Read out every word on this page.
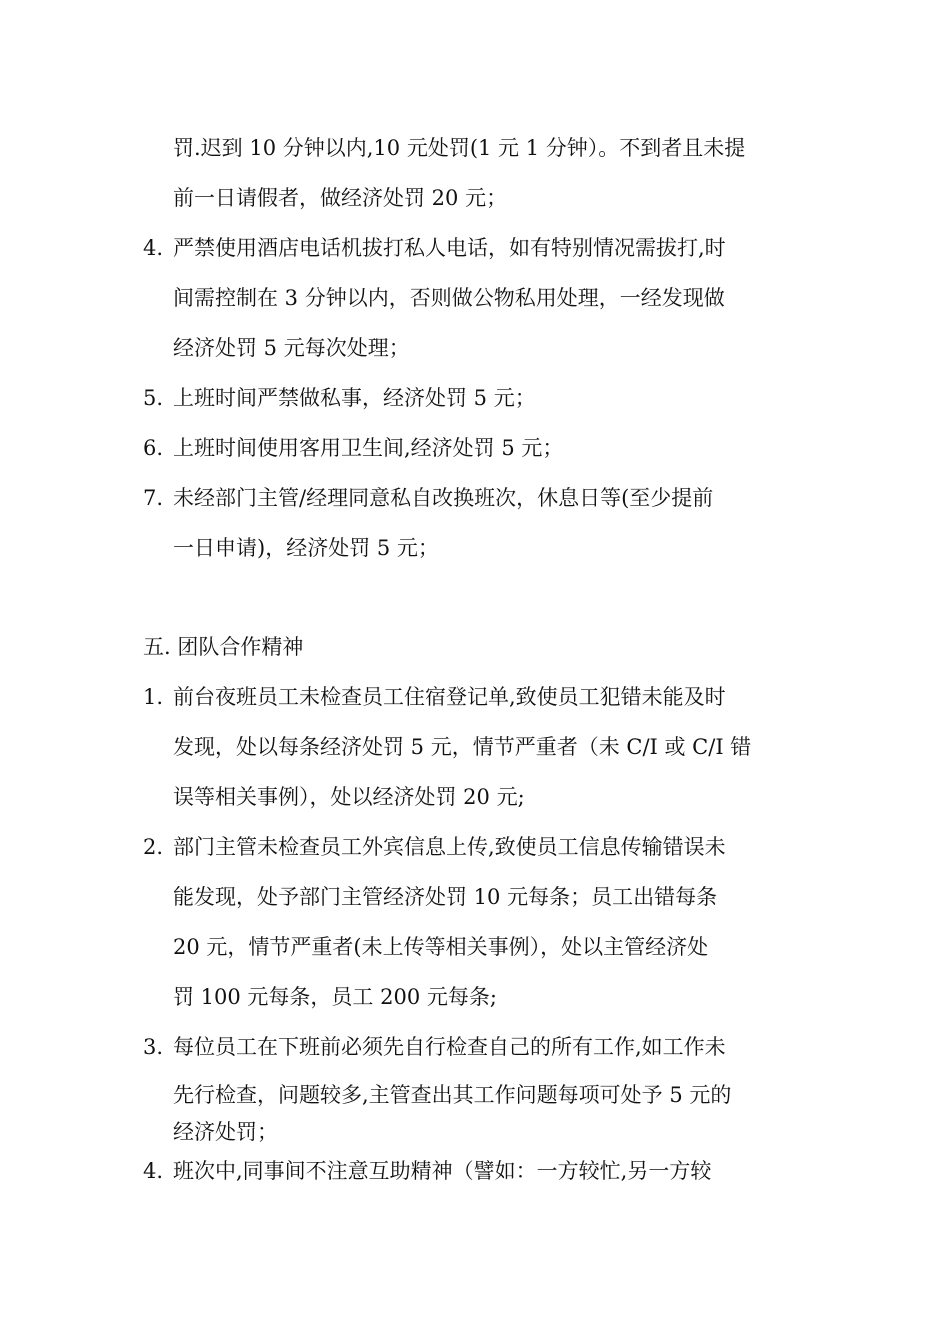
罚.迟到 10 分钟以内,10 元处罚(1 元 1 分钟）。不到者且未提
前一日请假者，做经济处罚 20 元；
4. 严禁使用酒店电话机拔打私人电话，如有特别情况需拔打,时
间需控制在 3 分钟以内，否则做公物私用处理，一经发现做
经济处罚 5 元每次处理；
5. 上班时间严禁做私事，经济处罚 5 元；
6. 上班时间使用客用卫生间,经济处罚 5 元；
7. 未经部门主管/经理同意私自改换班次，休息日等(至少提前
一日申请)，经济处罚 5 元；
五. 团队合作精神
1. 前台夜班员工未检查员工住宿登记单,致使员工犯错未能及时
发现，处以每条经济处罚 5 元，情节严重者（未 C/I 或 C/I 错
误等相关事例），处以经济处罚 20 元;
2. 部门主管未检查员工外宾信息上传,致使员工信息传输错误未
能发现，处予部门主管经济处罚 10 元每条；员工出错每条
20 元，情节严重者(未上传等相关事例），处以主管经济处
罚 100 元每条，员工 200 元每条;
3. 每位员工在下班前必须先自行检查自己的所有工作,如工作未
先行检查，问题较多,主管查出其工作问题每项可处予 5 元的
经济处罚；
4. 班次中,同事间不注意互助精神（譬如：一方较忙,另一方较
